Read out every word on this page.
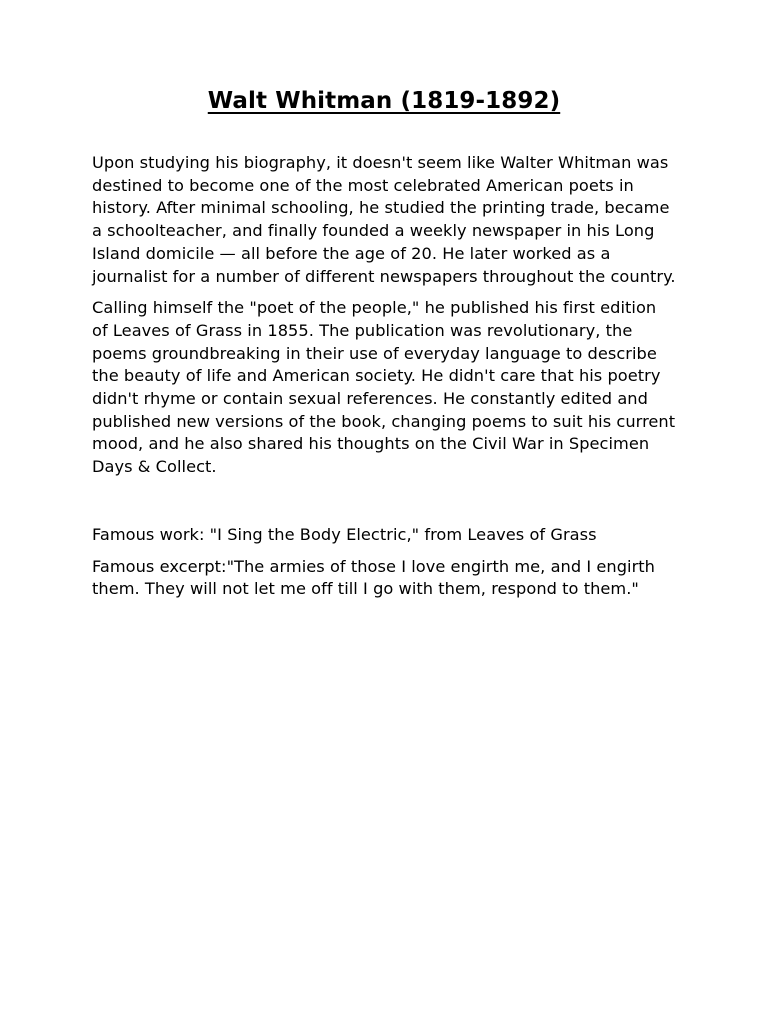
Walt Whitman (1819-1892)

Upon studying his biography, it doesn't seem like Walter Whitman was destined to become one of the most celebrated American poets in history. After minimal schooling, he studied the printing trade, became a schoolteacher, and finally founded a weekly newspaper in his Long Island domicile — all before the age of 20. He later worked as a journalist for a number of different newspapers throughout the country.

Calling himself the "poet of the people," he published his first edition of Leaves of Grass in 1855. The publication was revolutionary, the poems groundbreaking in their use of everyday language to describe the beauty of life and American society. He didn't care that his poetry didn't rhyme or contain sexual references. He constantly edited and published new versions of the book, changing poems to suit his current mood, and he also shared his thoughts on the Civil War in Specimen Days & Collect.

Famous work: "I Sing the Body Electric," from Leaves of Grass

Famous excerpt:"The armies of those I love engirth me, and I engirth them. They will not let me off till I go with them, respond to them."
